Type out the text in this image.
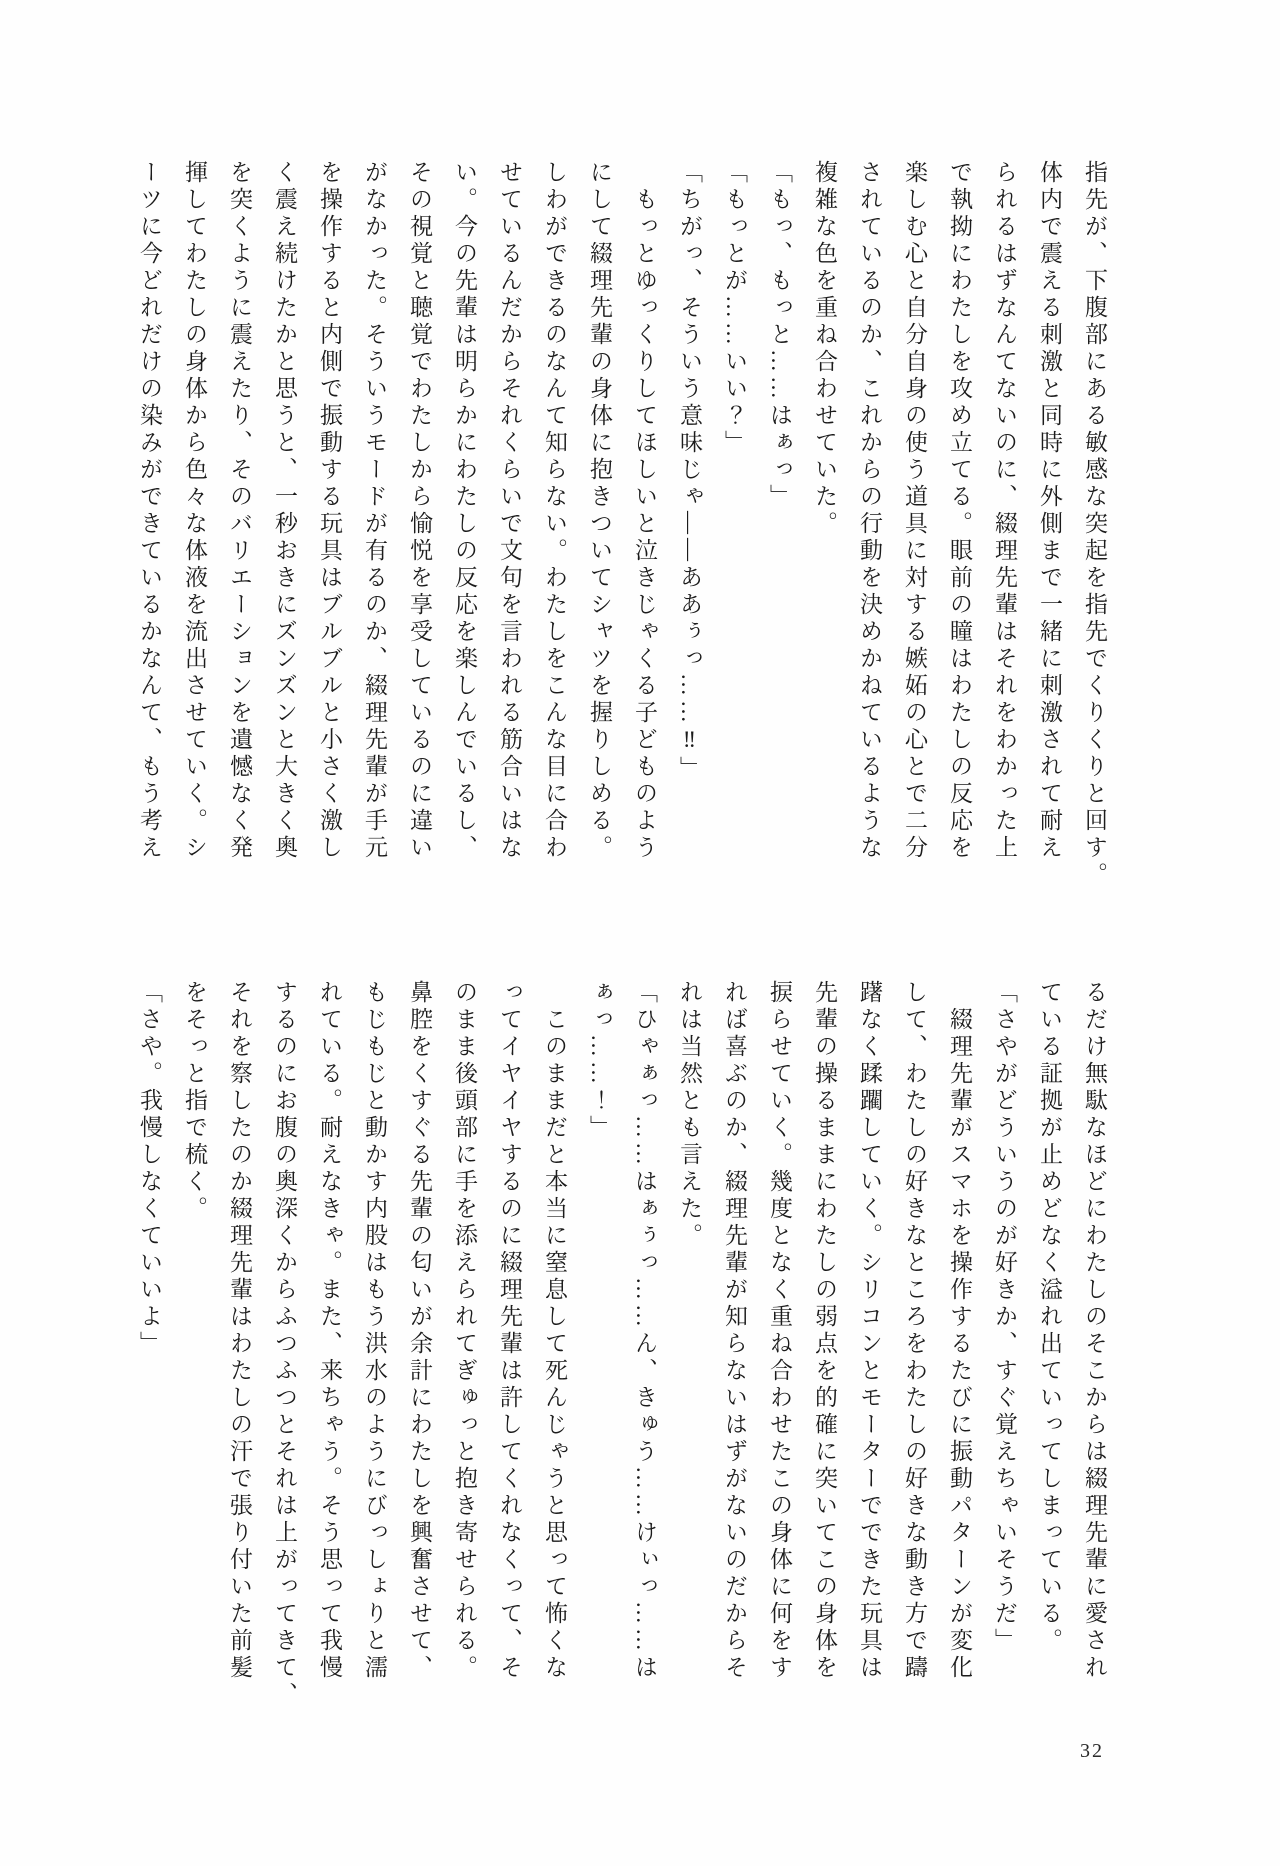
指先が、下腹部にある敏感な突起を指先でくりくりと回す。
体内で震える刺激と同時に外側まで一緒に刺激されて耐え
られるはずなんてないのに、綴理先輩はそれをわかった上
で執拗にわたしを攻め立てる。眼前の瞳はわたしの反応を
楽しむ心と自分自身の使う道具に対する嫉妬の心とで二分
されているのか、これからの行動を決めかねているような
複雑な色を重ね合わせていた。
「もっ、もっと……はぁっ」
「もっとが……いい？」
「ちがっ、そういう意味じゃ——ああぅっ……‼」
　もっとゆっくりしてほしいと泣きじゃくる子どものよう
にして綴理先輩の身体に抱きついてシャツを握りしめる。
しわができるのなんて知らない。わたしをこんな目に合わ
せているんだからそれくらいで文句を言われる筋合いはな
い。今の先輩は明らかにわたしの反応を楽しんでいるし、
その視覚と聴覚でわたしから愉悦を享受しているのに違い
がなかった。そういうモードが有るのか、綴理先輩が手元
を操作すると内側で振動する玩具はブルブルと小さく激し
く震え続けたかと思うと、一秒おきにズンズンと大きく奥
を突くように震えたり、そのバリエーションを遺憾なく発
揮してわたしの身体から色々な体液を流出させていく。シ
ーツに今どれだけの染みができているかなんて、もう考え
るだけ無駄なほどにわたしのそこからは綴理先輩に愛され
ている証拠が止めどなく溢れ出ていってしまっている。
「さやがどういうのが好きか、すぐ覚えちゃいそうだ」
　綴理先輩がスマホを操作するたびに振動パターンが変化
して、わたしの好きなところをわたしの好きな動き方で躊
躇なく蹂躙していく。シリコンとモーターでできた玩具は
先輩の操るままにわたしの弱点を的確に突いてこの身体を
捩らせていく。幾度となく重ね合わせたこの身体に何をす
れば喜ぶのか、綴理先輩が知らないはずがないのだからそ
れは当然とも言えた。
「ひゃぁっ……はぁぅっ……ん、きゅう……けぃっ……は
ぁっ……！」
　このままだと本当に窒息して死んじゃうと思って怖くな
ってイヤイヤするのに綴理先輩は許してくれなくって、そ
のまま後頭部に手を添えられてぎゅっと抱き寄せられる。
鼻腔をくすぐる先輩の匂いが余計にわたしを興奮させて、
もじもじと動かす内股はもう洪水のようにびっしょりと濡
れている。耐えなきゃ。また、来ちゃう。そう思って我慢
するのにお腹の奥深くからふつふつとそれは上がってきて、
それを察したのか綴理先輩はわたしの汗で張り付いた前髪
をそっと指で梳く。
「さや。我慢しなくていいよ」
32
